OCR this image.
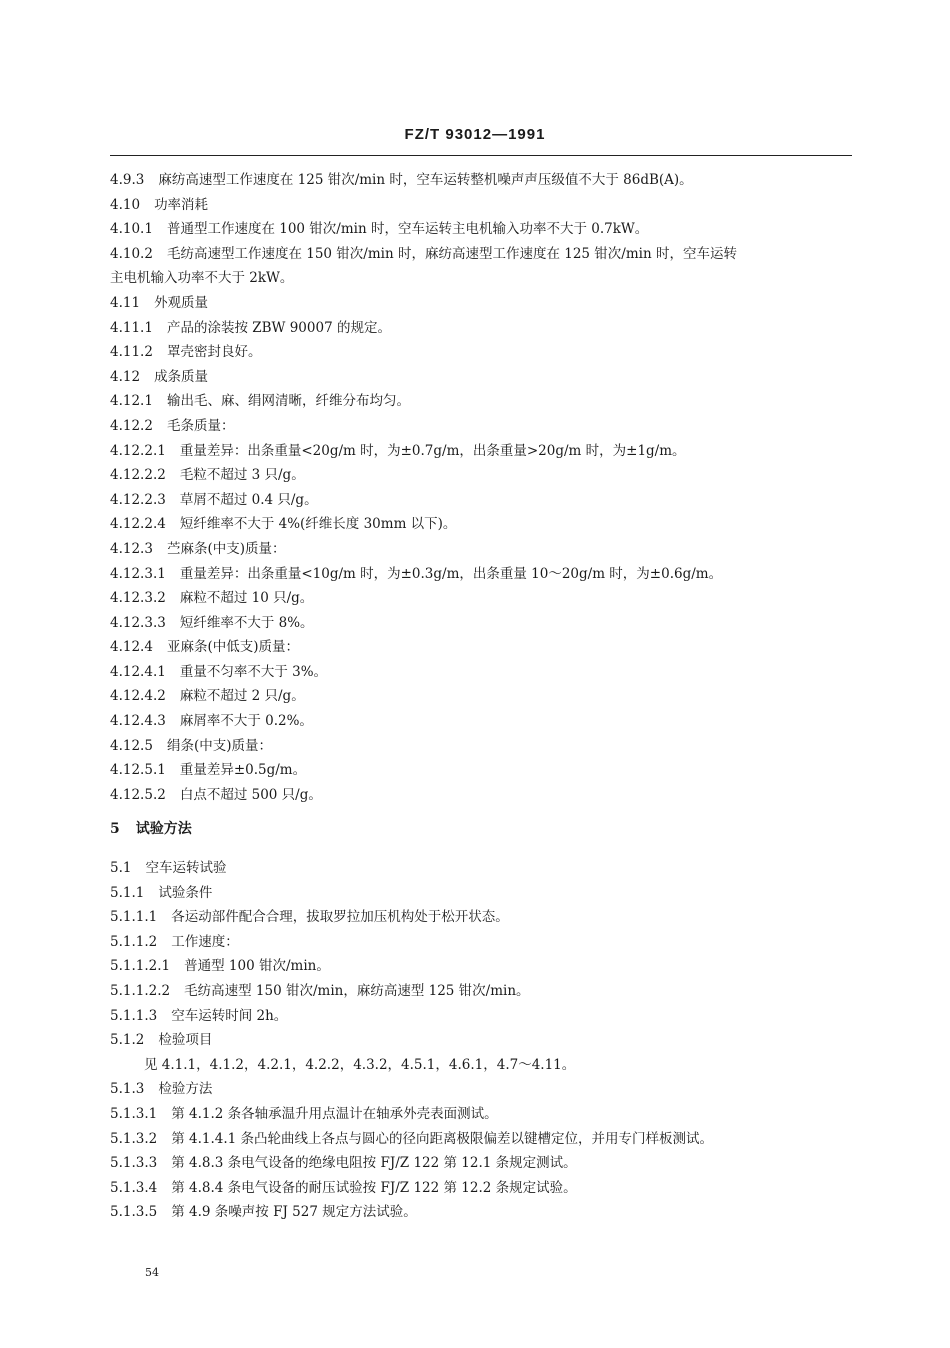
FZ/T 93012—1991
4.9.3 麻纺高速型工作速度在 125 钳次/min 时，空车运转整机噪声声压级值不大于 86dB(A)。
4.10 功率消耗
4.10.1 普通型工作速度在 100 钳次/min 时，空车运转主电机输入功率不大于 0.7kW。
4.10.2 毛纺高速型工作速度在 150 钳次/min 时，麻纺高速型工作速度在 125 钳次/min 时，空车运转
主电机输入功率不大于 2kW。
4.11 外观质量
4.11.1 产品的涂装按 ZBW 90007 的规定。
4.11.2 罩壳密封良好。
4.12 成条质量
4.12.1 输出毛、麻、绢网清晰，纤维分布均匀。
4.12.2 毛条质量：
4.12.2.1 重量差异：出条重量<20g/m 时，为±0.7g/m，出条重量>20g/m 时，为±1g/m。
4.12.2.2 毛粒不超过 3 只/g。
4.12.2.3 草屑不超过 0.4 只/g。
4.12.2.4 短纤维率不大于 4%(纤维长度 30mm 以下)。
4.12.3 苎麻条(中支)质量：
4.12.3.1 重量差异：出条重量<10g/m 时，为±0.3g/m，出条重量 10～20g/m 时，为±0.6g/m。
4.12.3.2 麻粒不超过 10 只/g。
4.12.3.3 短纤维率不大于 8%。
4.12.4 亚麻条(中低支)质量：
4.12.4.1 重量不匀率不大于 3%。
4.12.4.2 麻粒不超过 2 只/g。
4.12.4.3 麻屑率不大于 0.2%。
4.12.5 绢条(中支)质量：
4.12.5.1 重量差异±0.5g/m。
4.12.5.2 白点不超过 500 只/g。
5 试验方法
5.1 空车运转试验
5.1.1 试验条件
5.1.1.1 各运动部件配合合理，拔取罗拉加压机构处于松开状态。
5.1.1.2 工作速度：
5.1.1.2.1 普通型 100 钳次/min。
5.1.1.2.2 毛纺高速型 150 钳次/min，麻纺高速型 125 钳次/min。
5.1.1.3 空车运转时间 2h。
5.1.2 检验项目
见 4.1.1，4.1.2，4.2.1，4.2.2，4.3.2，4.5.1，4.6.1，4.7～4.11。
5.1.3 检验方法
5.1.3.1 第 4.1.2 条各轴承温升用点温计在轴承外壳表面测试。
5.1.3.2 第 4.1.4.1 条凸轮曲线上各点与圆心的径向距离极限偏差以键槽定位，并用专门样板测试。
5.1.3.3 第 4.8.3 条电气设备的绝缘电阻按 FJ/Z 122 第 12.1 条规定测试。
5.1.3.4 第 4.8.4 条电气设备的耐压试验按 FJ/Z 122 第 12.2 条规定试验。
5.1.3.5 第 4.9 条噪声按 FJ 527 规定方法试验。
54
